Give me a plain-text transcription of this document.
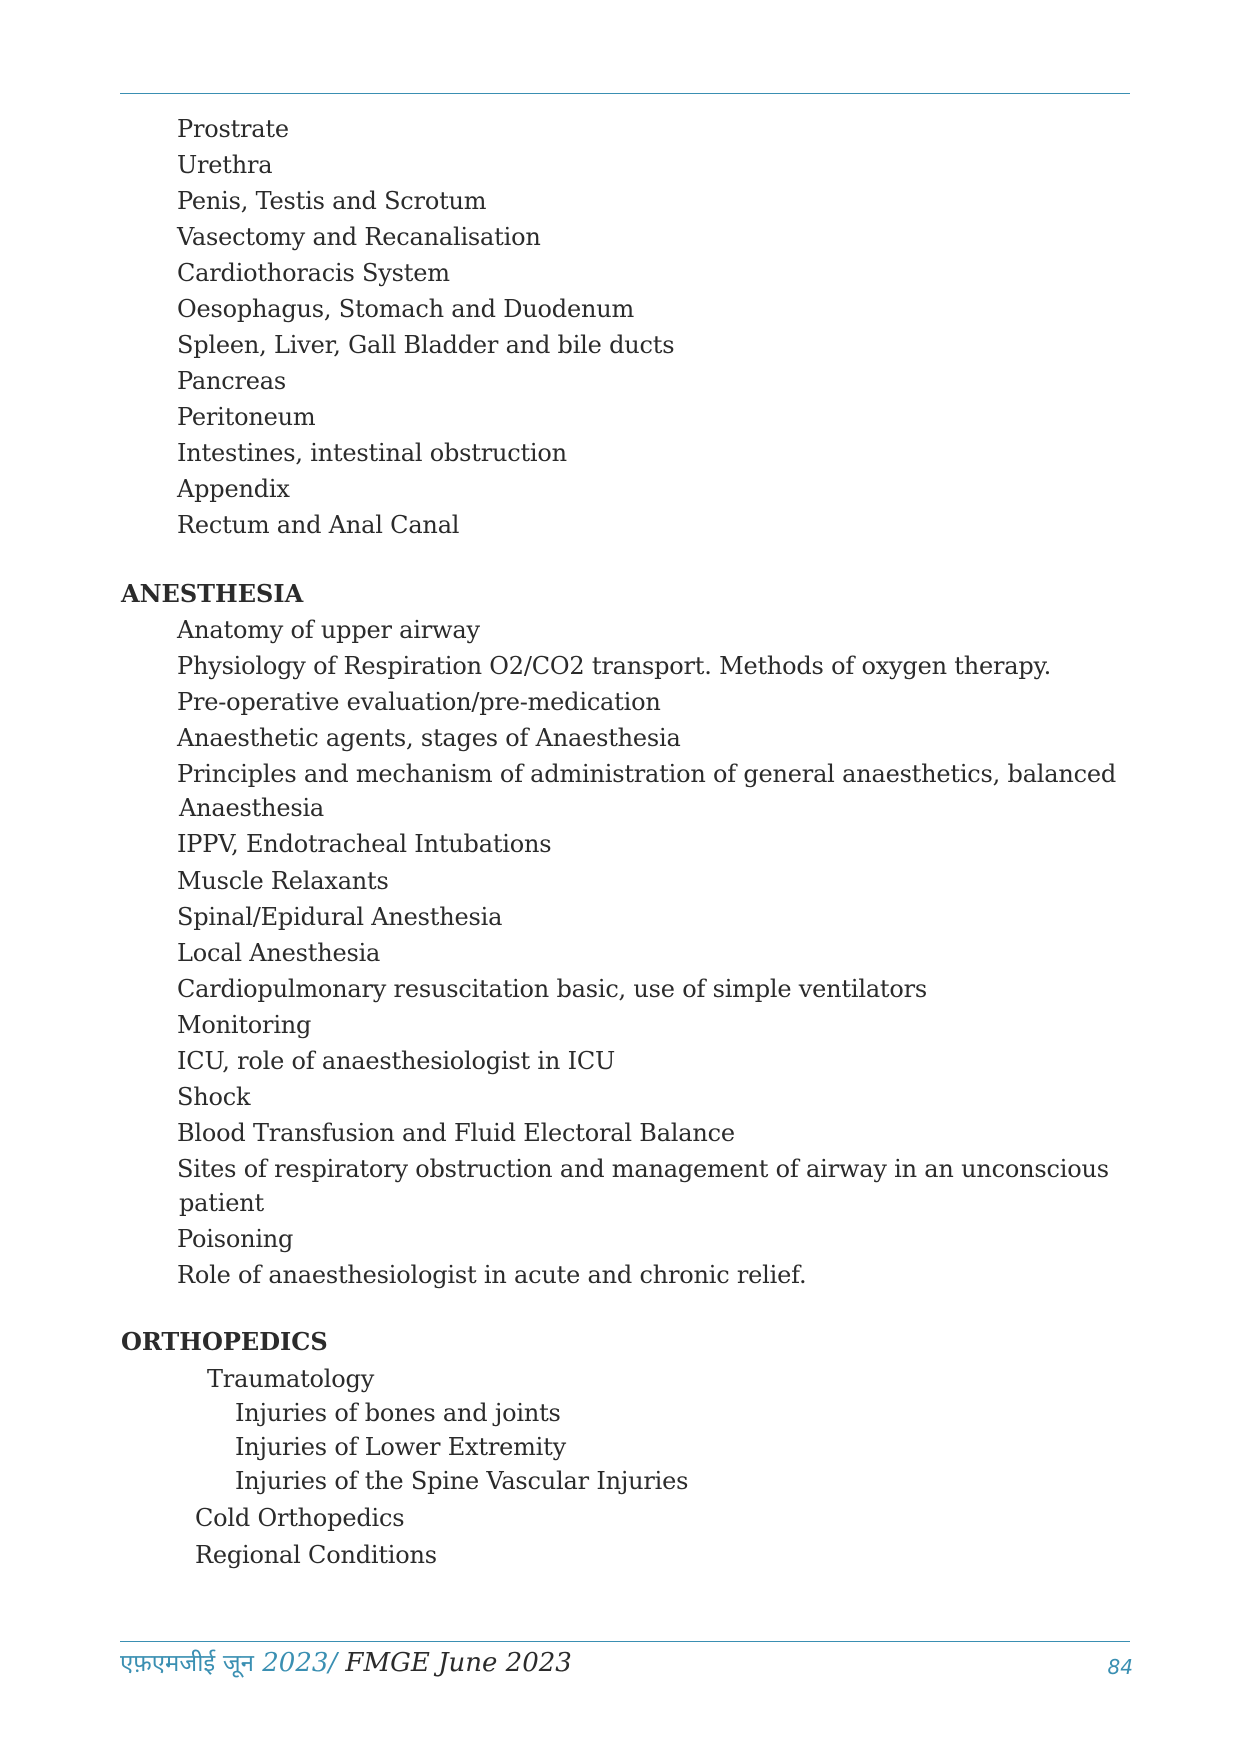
Prostrate
Urethra
Penis, Testis and Scrotum
Vasectomy and Recanalisation
Cardiothoracis System
Oesophagus, Stomach and Duodenum
Spleen, Liver, Gall Bladder and bile ducts
Pancreas
Peritoneum
Intestines, intestinal obstruction
Appendix
Rectum and Anal Canal
ANESTHESIA
Anatomy of upper airway
Physiology of Respiration O2/CO2 transport. Methods of oxygen therapy.
Pre-operative evaluation/pre-medication
Anaesthetic agents, stages of Anaesthesia
Principles and mechanism of administration of general anaesthetics, balanced
Anaesthesia
IPPV, Endotracheal Intubations
Muscle Relaxants
Spinal/Epidural Anesthesia
Local Anesthesia
Cardiopulmonary resuscitation basic, use of simple ventilators
Monitoring
ICU, role of anaesthesiologist in ICU
Shock
Blood Transfusion and Fluid Electoral Balance
Sites of respiratory obstruction and management of airway in an unconscious
patient
Poisoning
Role of anaesthesiologist in acute and chronic relief.
ORTHOPEDICS
Traumatology
Injuries of bones and joints
Injuries of Lower Extremity
Injuries of the Spine Vascular Injuries
Cold Orthopedics
Regional Conditions
एफ़एमजीई जून 2023/ FMGE June 2023	84
